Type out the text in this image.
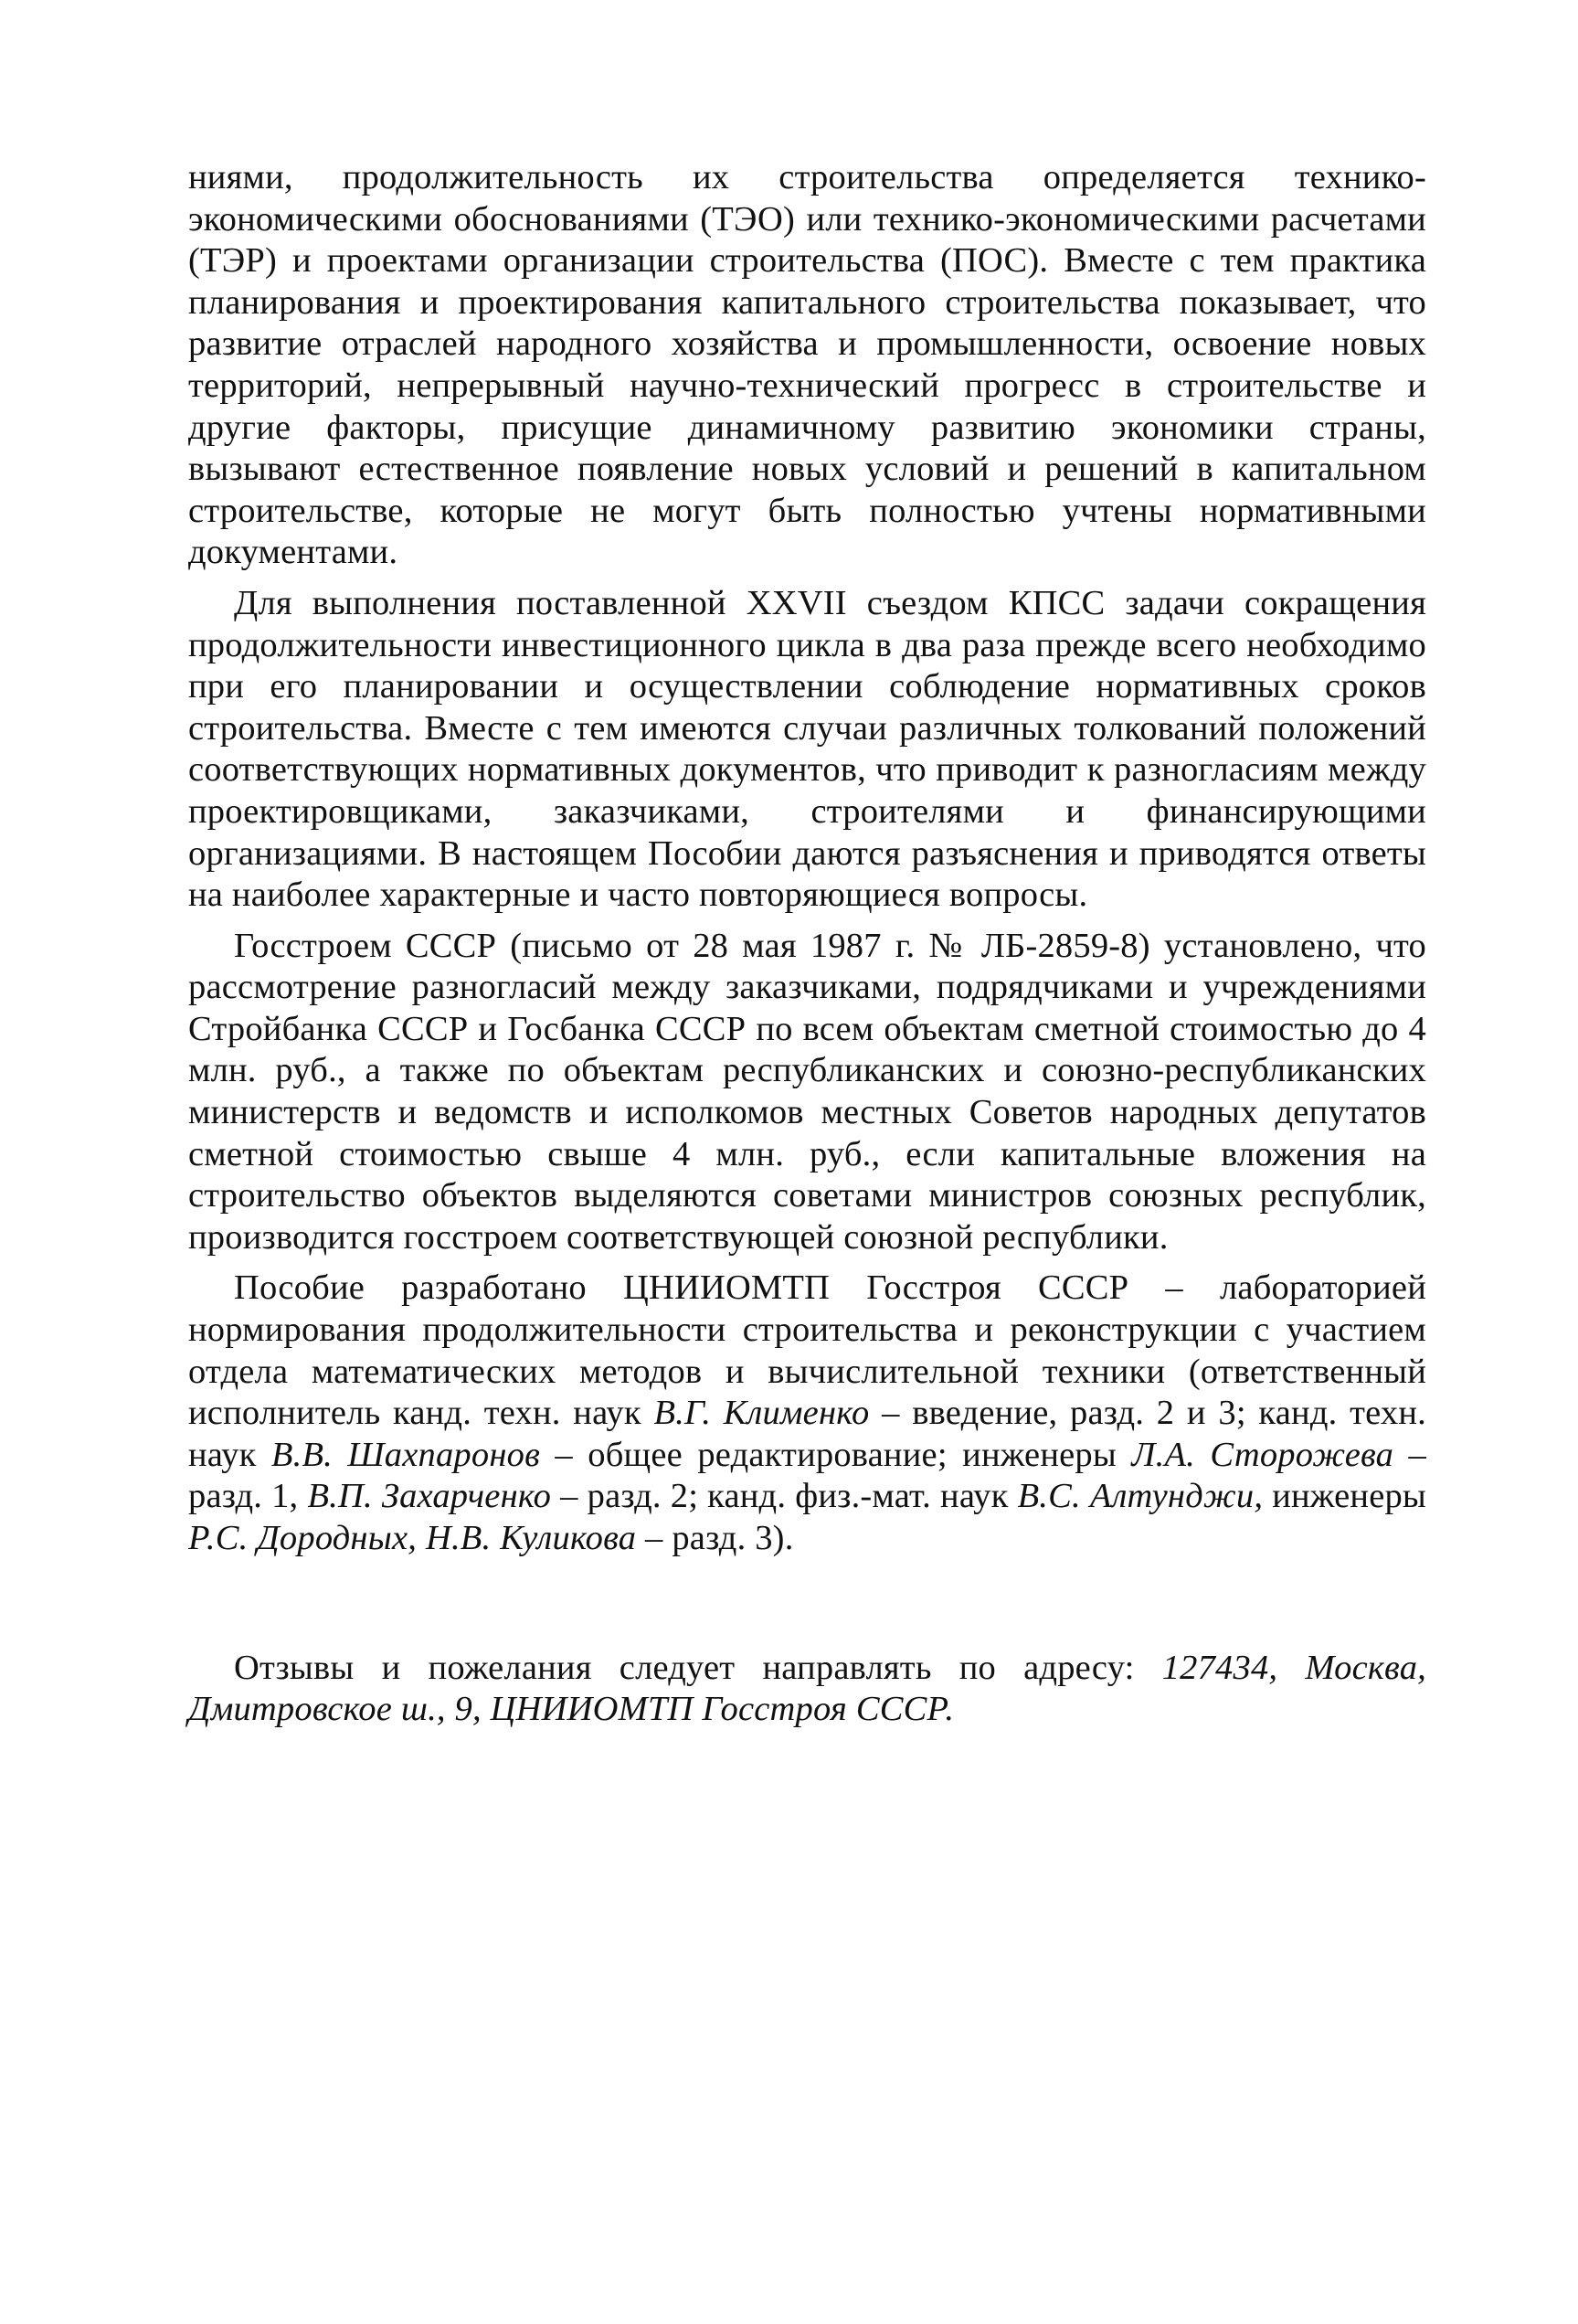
ниями, продолжительность их строительства определяется технико-экономическими обоснованиями (ТЭО) или технико-экономическими расчетами (ТЭР) и проектами организации строительства (ПОС). Вместе с тем практика планирования и проектирования капитального строительства показывает, что развитие отраслей народного хозяйства и промышленности, освоение новых территорий, непрерывный научно-технический прогресс в строительстве и другие факторы, присущие динамичному развитию экономики страны, вызывают естественное появление новых условий и решений в капитальном строительстве, которые не могут быть полностью учтены нормативными документами.

Для выполнения поставленной XXVII съездом КПСС задачи сокращения продолжительности инвестиционного цикла в два раза прежде всего необходимо при его планировании и осуществлении соблюдение нормативных сроков строительства. Вместе с тем имеются случаи различных толкований положений соответствующих нормативных документов, что приводит к разногласиям между проектировщиками, заказчиками, строителями и финансирующими организациями. В настоящем Пособии даются разъяснения и приводятся ответы на наиболее характерные и часто повторяющиеся вопросы.

Госстроем СССР (письмо от 28 мая 1987 г. № ЛБ-2859-8) установлено, что рассмотрение разногласий между заказчиками, подрядчиками и учреждениями Стройбанка СССР и Госбанка СССР по всем объектам сметной стоимостью до 4 млн. руб., а также по объектам республиканских и союзно-республиканских министерств и ведомств и исполкомов местных Советов народных депутатов сметной стоимостью свыше 4 млн. руб., если капитальные вложения на строительство объектов выделяются советами министров союзных республик, производится госстроем соответствующей союзной республики.

Пособие разработано ЦНИИОМТП Госстроя СССР – лабораторией нормирования продолжительности строительства и реконструкции с участием отдела математических методов и вычислительной техники (ответственный исполнитель канд. техн. наук В.Г. Клименко – введение, разд. 2 и 3; канд. техн. наук В.В. Шахпаронов – общее редактирование; инженеры Л.А. Сторожева – разд. 1, В.П. Захарченко – разд. 2; канд. физ.-мат. наук В.С. Алтунджи, инженеры Р.С. Дородных, Н.В. Куликова – разд. 3).

Отзывы и пожелания следует направлять по адресу: 127434, Москва, Дмитровское ш., 9, ЦНИИОМТП Госстроя СССР.
